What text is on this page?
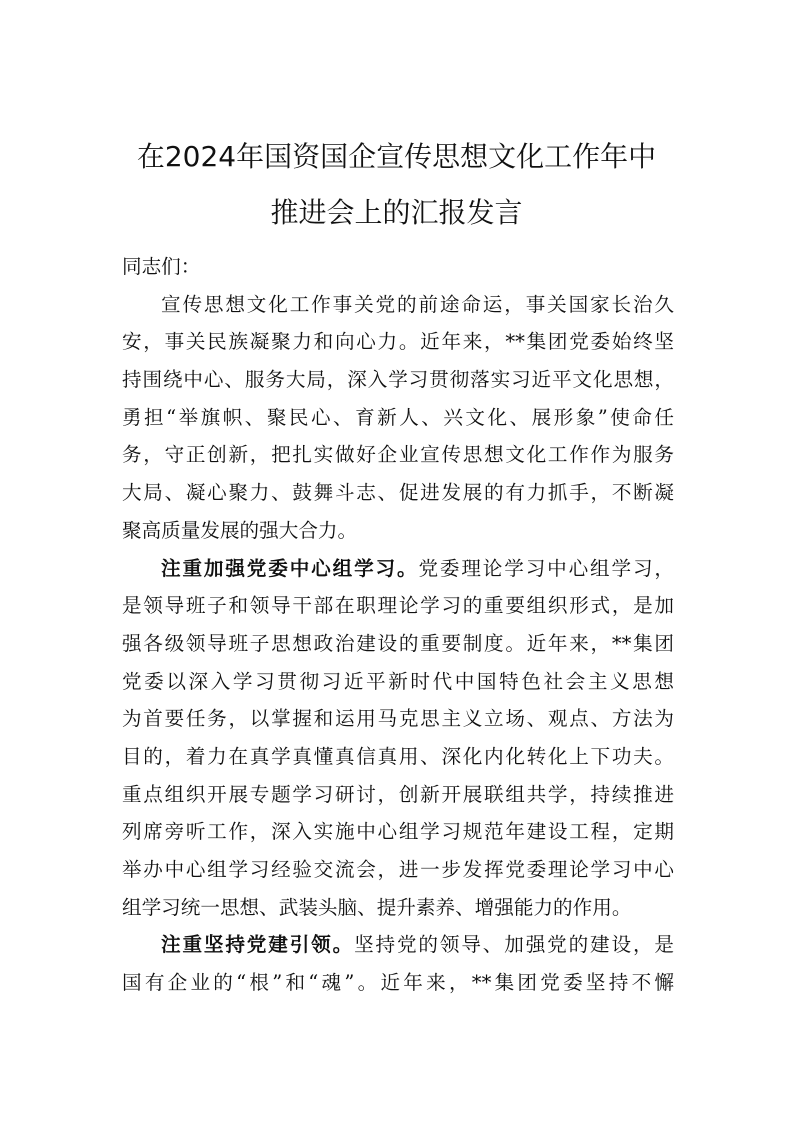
在2024年国资国企宣传思想文化工作年中
推进会上的汇报发言
同志们：
宣传思想文化工作事关党的前途命运，事关国家长治久
安，事关民族凝聚力和向心力。近年来，**集团党委始终坚
持围绕中心、服务大局，深入学习贯彻落实习近平文化思想，
勇担“举旗帜、聚民心、育新人、兴文化、展形象”使命任
务，守正创新，把扎实做好企业宣传思想文化工作作为服务
大局、凝心聚力、鼓舞斗志、促进发展的有力抓手，不断凝
聚高质量发展的强大合力。
注重加强党委中心组学习。党委理论学习中心组学习，
是领导班子和领导干部在职理论学习的重要组织形式，是加
强各级领导班子思想政治建设的重要制度。近年来，**集团
党委以深入学习贯彻习近平新时代中国特色社会主义思想
为首要任务，以掌握和运用马克思主义立场、观点、方法为
目的，着力在真学真懂真信真用、深化内化转化上下功夫。
重点组织开展专题学习研讨，创新开展联组共学，持续推进
列席旁听工作，深入实施中心组学习规范年建设工程，定期
举办中心组学习经验交流会，进一步发挥党委理论学习中心
组学习统一思想、武装头脑、提升素养、增强能力的作用。
注重坚持党建引领。坚持党的领导、加强党的建设，是
国有企业的“根”和“魂”。近年来，**集团党委坚持不懈
